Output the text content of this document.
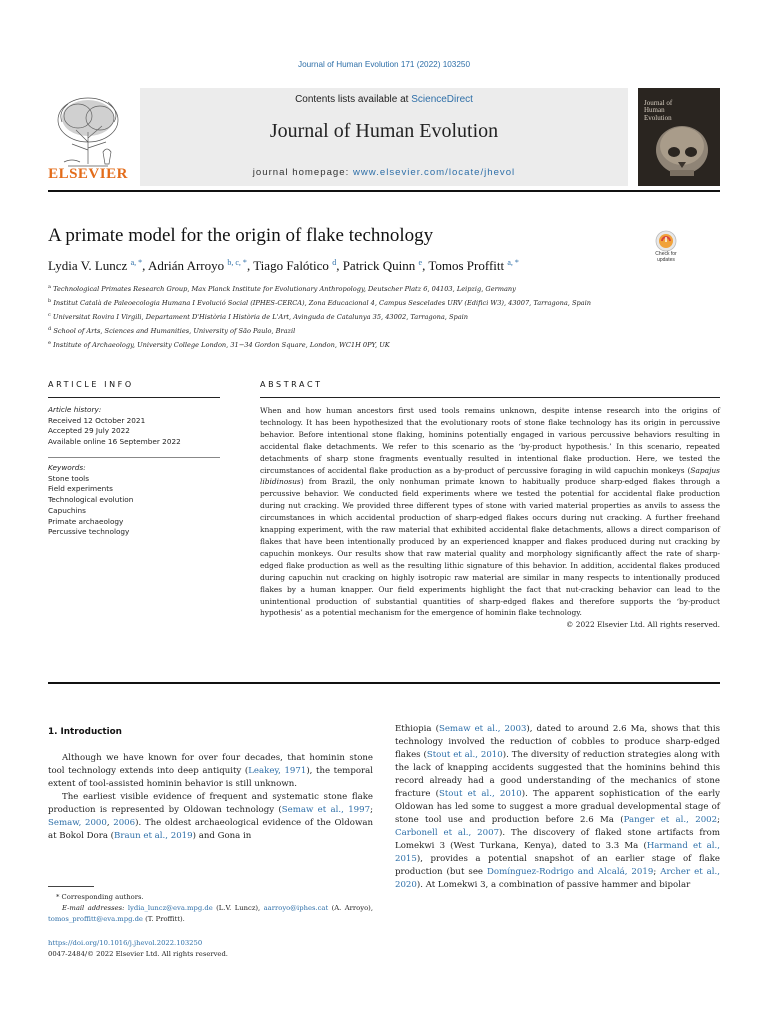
Journal of Human Evolution 171 (2022) 103250
ELSEVIER
Contents lists available at ScienceDirect
Journal of Human Evolution
journal homepage: www.elsevier.com/locate/jhevol
Journal of Human Evolution
A primate model for the origin of flake technology
Check for updates
Lydia V. Luncz $^{a, *}$, Adrián Arroyo $^{b, c, *}$, Tiago Falótico $^d$, Patrick Quinn $^e$, Tomos Proffitt $^{a, *}$
$^a$ Technological Primates Research Group, Max Planck Institute for Evolutionary Anthropology, Deutscher Platz 6, 04103, Leipzig, Germany
$^b$ Institut Català de Paleoecologia Humana I Evolució Social (IPHES-CERCA), Zona Educacional 4, Campus Sescelades URV (Edifici W3), 43007, Tarragona, Spain
$^c$ Universitat Rovira I Virgili, Departament D'Història I Història de L'Art, Avinguda de Catalunya 35, 43002, Tarragona, Spain
$^d$ School of Arts, Sciences and Humanities, University of São Paulo, Brazil
$^e$ Institute of Archaeology, University College London, 31−34 Gordon Square, London, WC1H 0PY, UK
ARTICLE INFO	ABSTRACT
Article history:
Received 12 October 2021
Accepted 29 July 2022
Available online 16 September 2022
Keywords:
Stone tools
Field experiments
Technological evolution
Capuchins
Primate archaeology
Percussive technology
When and how human ancestors first used tools remains unknown, despite intense research into the origins of technology. It has been hypothesized that the evolutionary roots of stone flake technology has its origin in percussive behavior. Before intentional stone flaking, hominins potentially engaged in various percussive behaviors resulting in accidental flake detachments. We refer to this scenario as the ‘by-product hypothesis.’ In this scenario, repeated detachments of sharp stone fragments eventually resulted in intentional flake production. Here, we tested the circumstances of accidental flake production as a by-product of percussive foraging in wild capuchin monkeys (Sapajus libidinosus) from Brazil, the only nonhuman primate known to habitually produce sharp-edged flakes through a percussive behavior. We conducted field experiments where we tested the potential for accidental flake production during nut cracking. We provided three different types of stone with varied material properties as anvils to assess the circumstances in which accidental production of sharp-edged flakes occurs during nut cracking. A further freehand knapping experiment, with the raw material that exhibited accidental flake detachments, allows a direct comparison of flakes that have been intentionally produced by an experienced knapper and flakes produced during nut cracking by capuchin monkeys. Our results show that raw material quality and morphology significantly affect the rate of sharp-edged flake production as well as the resulting lithic signature of this behavior. In addition, accidental flakes produced during capuchin nut cracking on highly isotropic raw material are similar in many respects to intentionally produced flakes by a human knapper. Our field experiments highlight the fact that nut-cracking behavior can lead to the unintentional production of substantial quantities of sharp-edged flakes and therefore supports the ‘by-product hypothesis’ as a potential mechanism for the emergence of hominin flake technology.
© 2022 Elsevier Ltd. All rights reserved.
1. Introduction

Although we have known for over four decades, that hominin stone tool technology extends into deep antiquity (Leakey, 1971), the temporal extent of tool-assisted hominin behavior is still unknown.

The earliest visible evidence of frequent and systematic stone flake production is represented by Oldowan technology (Semaw et al., 1997; Semaw, 2000, 2006). The oldest archaeological evidence of the Oldowan at Bokol Dora (Braun et al., 2019) and Gona in

Ethiopia (Semaw et al., 2003), dated to around 2.6 Ma, shows that this technology involved the reduction of cobbles to produce sharp-edged flakes (Stout et al., 2010). The diversity of reduction strategies along with the lack of knapping accidents suggested that the hominins behind this record already had a good understanding of the mechanics of stone fracture (Stout et al., 2010). The apparent sophistication of the early Oldowan has led some to suggest a more gradual developmental stage of stone tool use and production before 2.6 Ma (Panger et al., 2002; Carbonell et al., 2007). The discovery of flaked stone artifacts from Lomekwi 3 (West Turkana, Kenya), dated to 3.3 Ma (Harmand et al., 2015), provides a potential snapshot of an earlier stage of flake production (but see Domínguez-Rodrigo and Alcalá, 2019; Archer et al., 2020). At Lomekwi 3, a combination of passive hammer and bipolar

* Corresponding authors.
E-mail addresses: lydia_luncz@eva.mpg.de (L.V. Luncz), aarroyo@iphes.cat (A. Arroyo), tomos_proffitt@eva.mpg.de (T. Proffitt).
https://doi.org/10.1016/j.jhevol.2022.103250
0047-2484/© 2022 Elsevier Ltd. All rights reserved.
